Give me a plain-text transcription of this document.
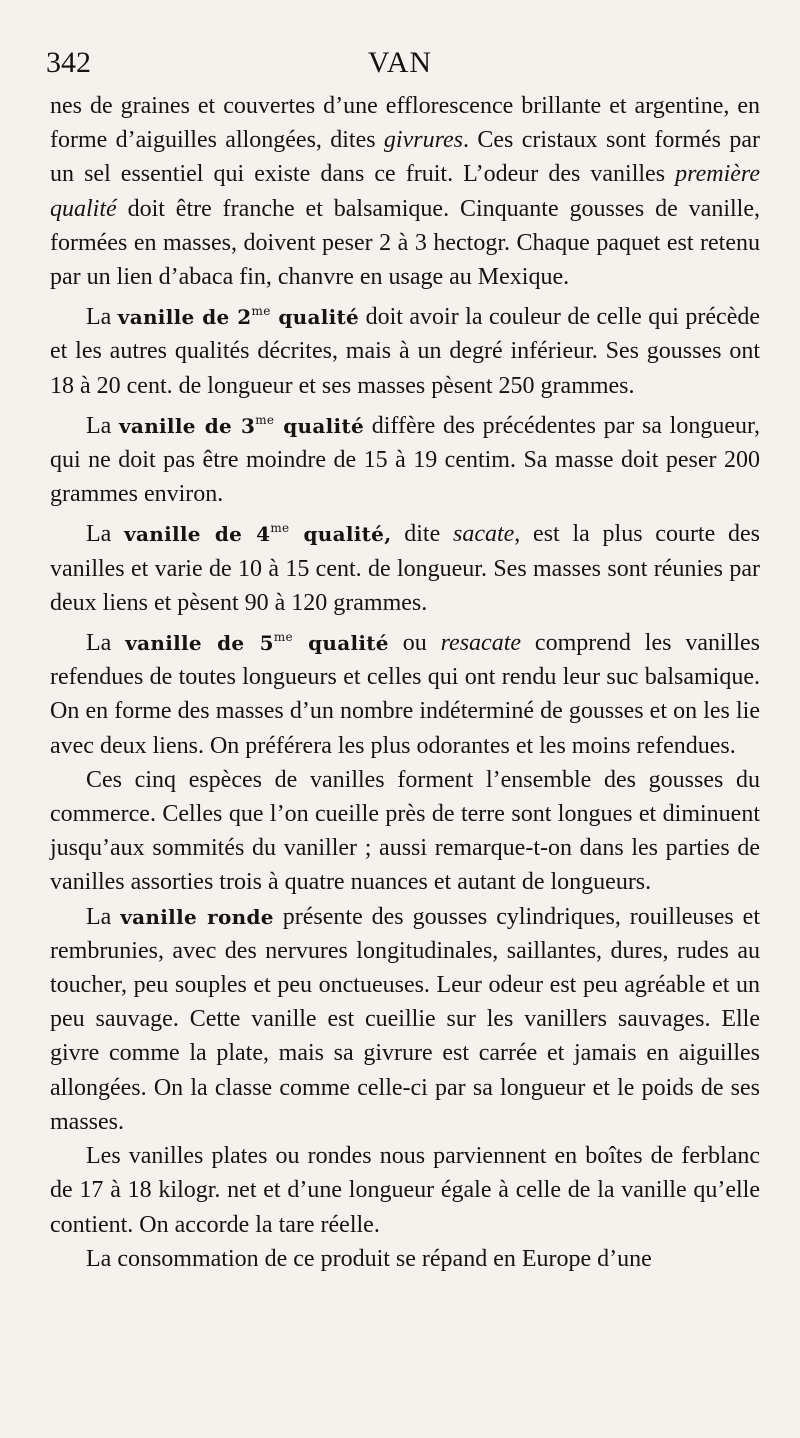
342	VAN

nes de graines et couvertes d’une efflorescence brillante et argentine, en forme d’aiguilles allongées, dites givrures. Ces cristaux sont formés par un sel essentiel qui existe dans ce fruit. L’odeur des vanilles première qualité doit être franche et balsamique. Cinquante gousses de vanille, formées en masses, doivent peser 2 à 3 hectogr. Chaque paquet est retenu par un lien d’abaca fin, chanvre en usage au Mexique.

La vanille de $2^{me}$ qualité doit avoir la couleur de celle qui précède et les autres qualités décrites, mais à un degré inférieur. Ses gousses ont 18 à 20 cent. de longueur et ses masses pèsent 250 grammes.

La vanille de $3^{me}$ qualité diffère des précédentes par sa longueur, qui ne doit pas être moindre de 15 à 19 centim. Sa masse doit peser 200 grammes environ.

La vanille de $4^{me}$ qualité, dite sacate, est la plus courte des vanilles et varie de 10 à 15 cent. de longueur. Ses masses sont réunies par deux liens et pèsent 90 à 120 grammes.

La vanille de $5^{me}$ qualité ou resacate comprend les vanilles refendues de toutes longueurs et celles qui ont rendu leur suc balsamique. On en forme des masses d’un nombre indéterminé de gousses et on les lie avec deux liens. On préférera les plus odorantes et les moins refendues.

Ces cinq espèces de vanilles forment l’ensemble des gousses du commerce. Celles que l’on cueille près de terre sont longues et diminuent jusqu’aux sommités du vaniller ; aussi remarque-t-on dans les parties de vanilles assorties trois à quatre nuances et autant de longueurs.

La vanille ronde présente des gousses cylindriques, rouilleuses et rembrunies, avec des nervures longitudinales, saillantes, dures, rudes au toucher, peu souples et peu onctueuses. Leur odeur est peu agréable et un peu sauvage. Cette vanille est cueillie sur les vanillers sauvages. Elle givre comme la plate, mais sa givrure est carrée et jamais en aiguilles allongées. On la classe comme celle-ci par sa longueur et le poids de ses masses.

Les vanilles plates ou rondes nous parviennent en boîtes de ferblanc de 17 à 18 kilogr. net et d’une longueur égale à celle de la vanille qu’elle contient. On accorde la tare réelle.

La consommation de ce produit se répand en Europe d’une
